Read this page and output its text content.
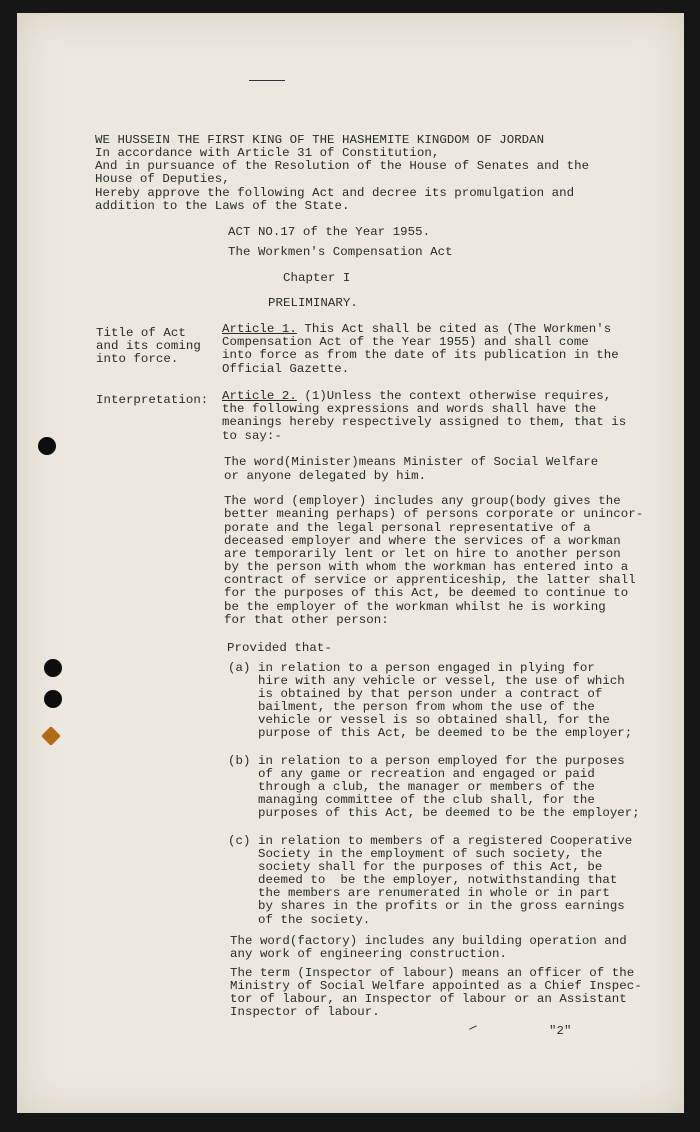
WE HUSSEIN THE FIRST KING OF THE HASHEMITE KINGDOM OF JORDAN

In accordance with Article 31 of Constitution,

And in pursuance of the Resolution of the House of Senates and the

House of Deputies,

Hereby approve the following Act and decree its promulgation and

addition to the Laws of the State.

ACT NO.17 of the Year 1955.

The Workmen's Compensation Act

Chapter I

PRELIMINARY.

Title of Act

and its coming

into force.

Article 1. This Act shall be cited as (The Workmen's

Compensation Act of the Year 1955) and shall come

into force as from the date of its publication in the

Official Gazette.

Interpretation: Article 2. (1)Unless the context otherwise requires,

the following expressions and words shall have the

meanings hereby respectively assigned to them, that is

to say:-

The word(Minister)means Minister of Social Welfare

or anyone delegated by him.

The word (employer) includes any group(body gives the

better meaning perhaps) of persons corporate or unincor-

porate and the legal personal representative of a

deceased employer and where the services of a workman

are temporarily lent or let on hire to another person

by the person with whom the workman has entered into a

contract of service or apprenticeship, the latter shall

for the purposes of this Act, be deemed to continue to

be the employer of the workman whilst he is working

for that other person:

Provided that-

(a) in relation to a person engaged in plying for

hire with any vehicle or vessel, the use of which

is obtained by that person under a contract of

bailment, the person from whom the use of the

vehicle or vessel is so obtained shall, for the

purpose of this Act, be deemed to be the employer;

(b) in relation to a person employed for the purposes

of any game or recreation and engaged or paid

through a club, the manager or members of the

managing committee of the club shall, for the

purposes of this Act, be deemed to be the employer;

(c) in relation to members of a registered Cooperative

Society in the employment of such society, the

society shall for the purposes of this Act, be

deemed to  be the employer, notwithstanding that

the members are renumerated in whole or in part

by shares in the profits or in the gross earnings

of the society.

The word(factory) includes any building operation and

any work of engineering construction.

The term (Inspector of labour) means an officer of the

Ministry of Social Welfare appointed as a Chief Inspec-

tor of labour, an Inspector of labour or an Assistant

Inspector of labour.

"2"
